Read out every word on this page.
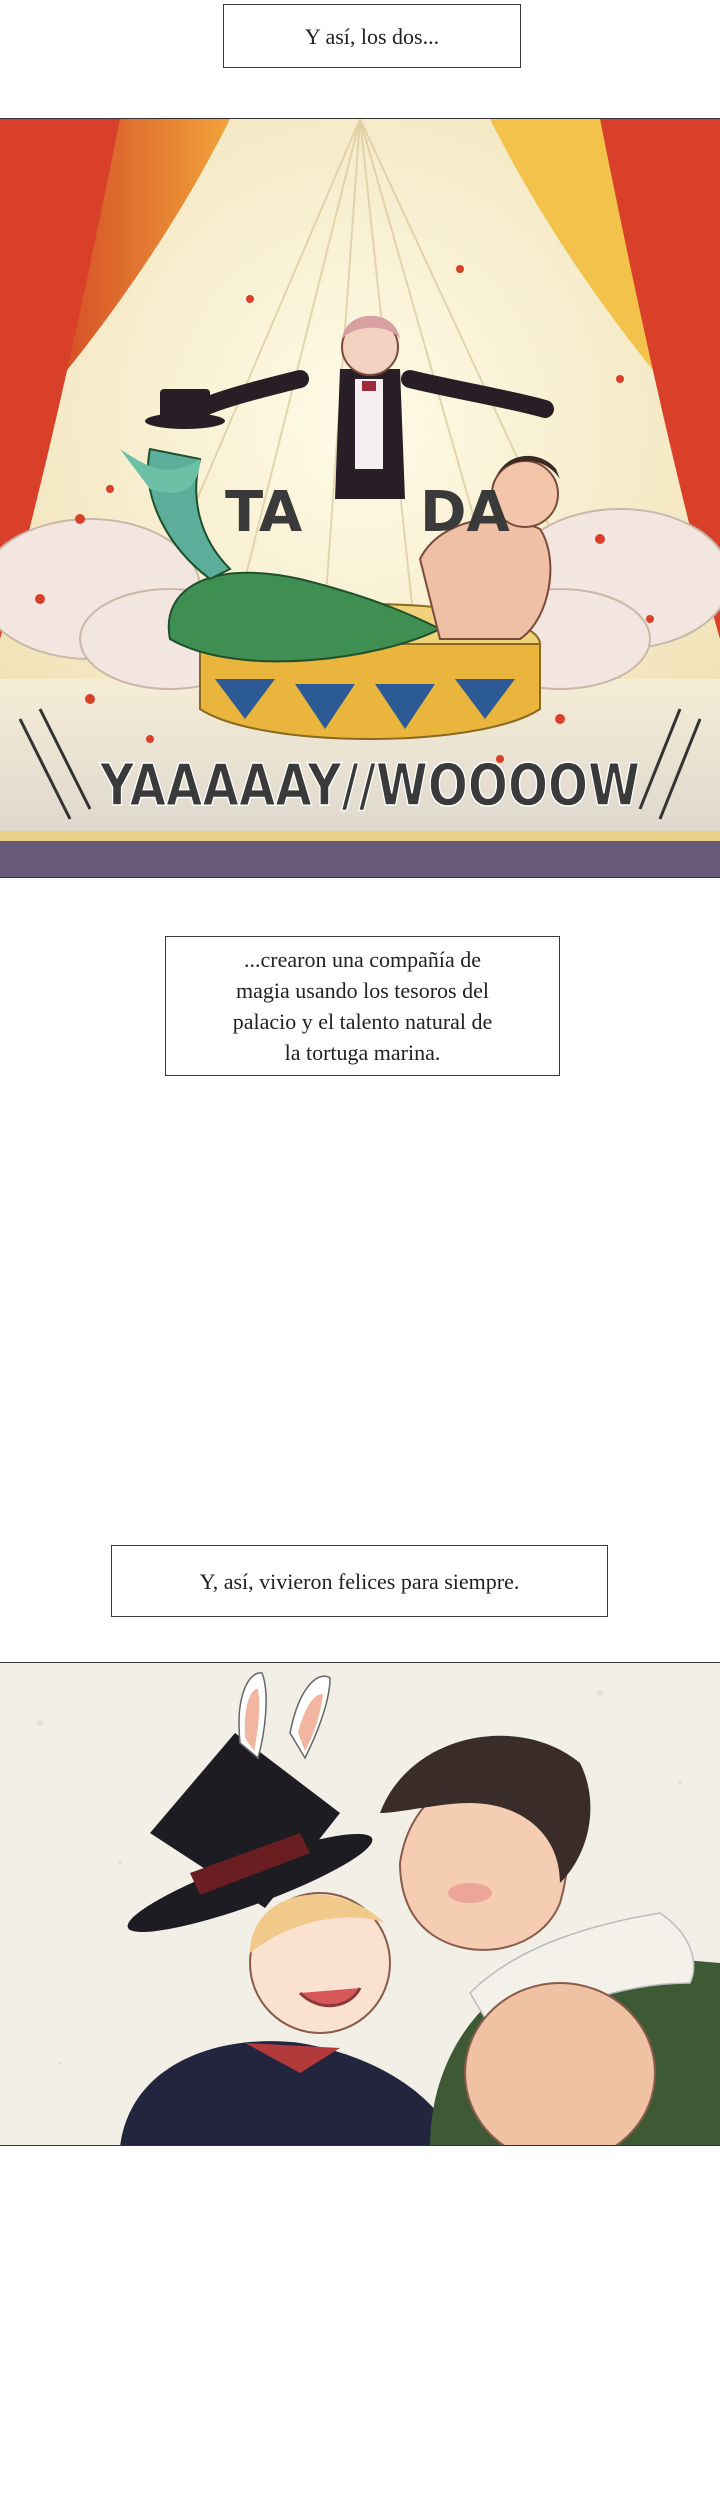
Y así, los dos...
TA DA
YAAAAAY//WOOOOW
...crearon una compañía de
magia usando los tesoros del
palacio y el talento natural de
la tortuga marina.
Y, así, vivieron felices para siempre.
